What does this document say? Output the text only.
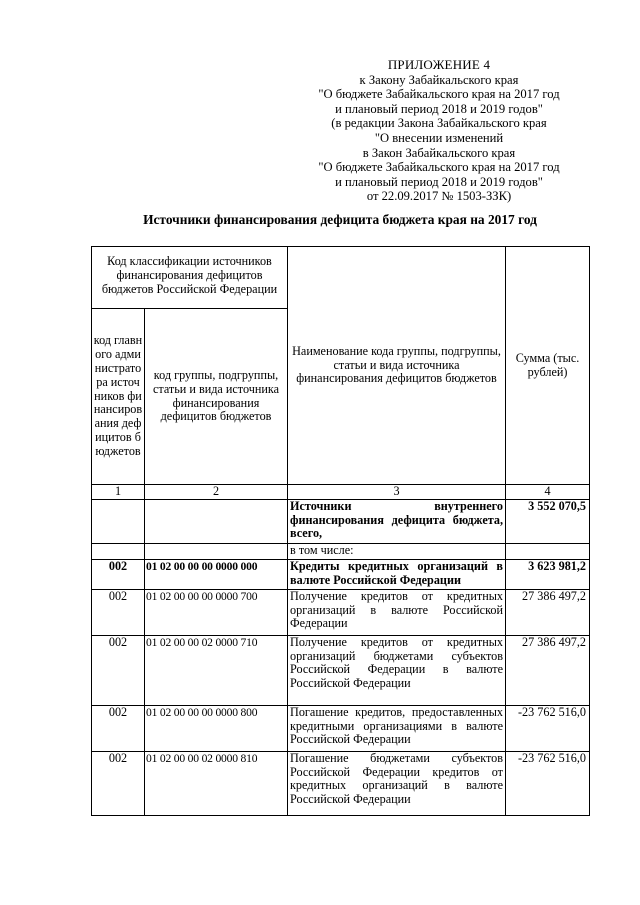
ПРИЛОЖЕНИЕ 4
к Закону Забайкальского края
"О бюджете Забайкальского края на 2017 год
и плановый период 2018 и 2019 годов"
(в редакции Закона Забайкальского края
"О внесении изменений
в Закон Забайкальского края
"О бюджете Забайкальского края на 2017 год
и плановый период 2018 и 2019 годов"
от 22.09.2017 № 1503-ЗЗК)
Источники финансирования дефицита бюджета края на 2017 год
Код классификации источников финансирования дефицитов бюджетов Российской Федерации		Наименование кода группы, подгруппы, статьи и вида источника финансирования дефицитов бюджетов	Сумма (тыс. рублей)
код главного администратора источников финансирования дефицитов бюджетов	код группы, подгруппы, статьи и вида источника финансирования дефицитов бюджетов		
1	2	3	4
		Источники внутреннего финансирования дефицита бюджета, всего,	3 552 070,5
		в том числе:	
002	01 02 00 00 00 0000 000	Кредиты кредитных организаций в валюте Российской Федерации	3 623 981,2
002	01 02 00 00 00 0000 700	Получение кредитов от кредитных организаций в валюте Российской Федерации	27 386 497,2
002	01 02 00 00 02 0000 710	Получение кредитов от кредитных организаций бюджетами субъектов Российской Федерации в валюте Российской Федерации	27 386 497,2
002	01 02 00 00 00 0000 800	Погашение кредитов, предоставленных кредитными организациями в валюте Российской Федерации	-23 762 516,0
002	01 02 00 00 02 0000 810	Погашение бюджетами субъектов Российской Федерации кредитов от кредитных организаций в валюте Российской Федерации	-23 762 516,0
